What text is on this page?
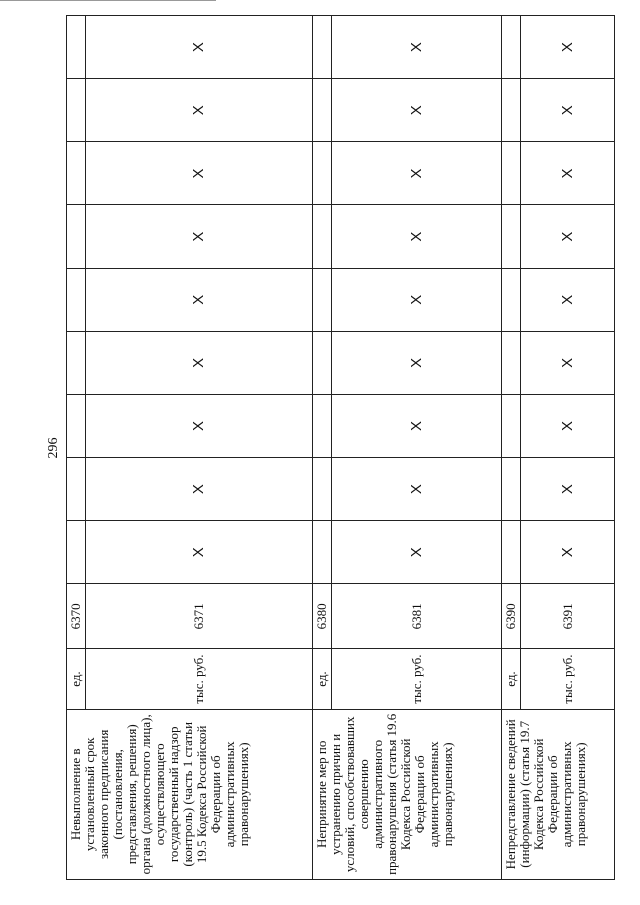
296
Невыполнение в установленный срок законного предписания (постановления, представления, решения) органа (должностного лица), осуществляющего государственный надзор (контроль) (часть 1 статьи 19.5 Кодекса Российской Федерации об административных правонарушениях)	ед.	6370									
	тыс. руб.	6371	X	X	X	X	X	X	X	X	X
Непринятие мер по устранению причин и условий, способствовавших совершению административного правонарушения (статья 19.6 Кодекса Российской Федерации об административных правонарушениях)	ед.	6380									
	тыс. руб.	6381	X	X	X	X	X	X	X	X	X
Непредставление сведений (информации) (статья 19.7 Кодекса Российской Федерации об административных правонарушениях)	ед.	6390									
	тыс. руб.	6391	X	X	X	X	X	X	X	X	X
